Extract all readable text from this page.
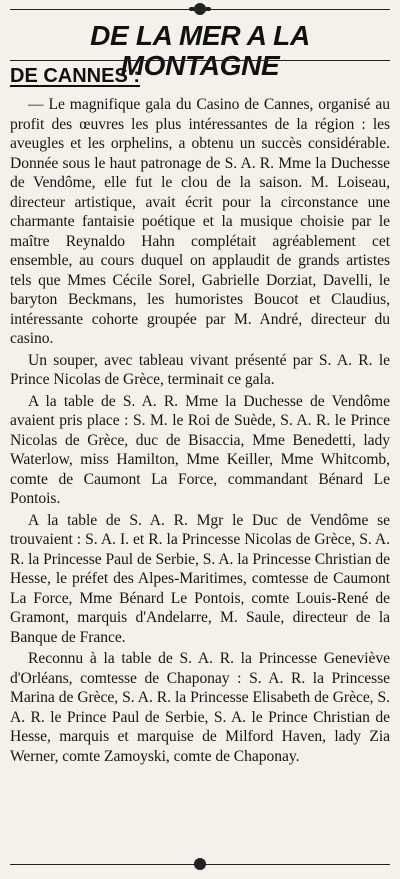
DE LA MER A LA MONTAGNE
DE CANNES :

— Le magnifique gala du Casino de Cannes, organisé au profit des œuvres les plus intéressantes de la région : les aveugles et les orphelins, a obtenu un succès considérable. Donnée sous le haut patronage de S. A. R. Mme la Duchesse de Vendôme, elle fut le clou de la saison. M. Loiseau, directeur artistique, avait écrit pour la circonstance une charmante fantaisie poétique et la musique choisie par le maître Reynaldo Hahn complétait agréablement cet ensemble, au cours duquel on applaudit de grands artistes tels que Mmes Cécile Sorel, Gabrielle Dorziat, Davelli, le baryton Beckmans, les humoristes Boucot et Claudius, intéressante cohorte groupée par M. André, directeur du casino.

Un souper, avec tableau vivant présenté par S. A. R. le Prince Nicolas de Grèce, terminait ce gala.

A la table de S. A. R. Mme la Duchesse de Vendôme avaient pris place : S. M. le Roi de Suède, S. A. R. le Prince Nicolas de Grèce, duc de Bisaccia, Mme Benedetti, lady Waterlow, miss Hamilton, Mme Keiller, Mme Whitcomb, comte de Caumont La Force, commandant Bénard Le Pontois.

A la table de S. A. R. Mgr le Duc de Vendôme se trouvaient : S. A. I. et R. la Princesse Nicolas de Grèce, S. A. R. la Princesse Paul de Serbie, S. A. la Princesse Christian de Hesse, le préfet des Alpes-Maritimes, comtesse de Caumont La Force, Mme Bénard Le Pontois, comte Louis-René de Gramont, marquis d'Andelarre, M. Saule, directeur de la Banque de France.

Reconnu à la table de S. A. R. la Princesse Geneviève d'Orléans, comtesse de Chaponay : S. A. R. la Princesse Marina de Grèce, S. A. R. la Princesse Elisabeth de Grèce, S. A. R. le Prince Paul de Serbie, S. A. le Prince Christian de Hesse, marquis et marquise de Milford Haven, lady Zia Werner, comte Zamoyski, comte de Chaponay.
